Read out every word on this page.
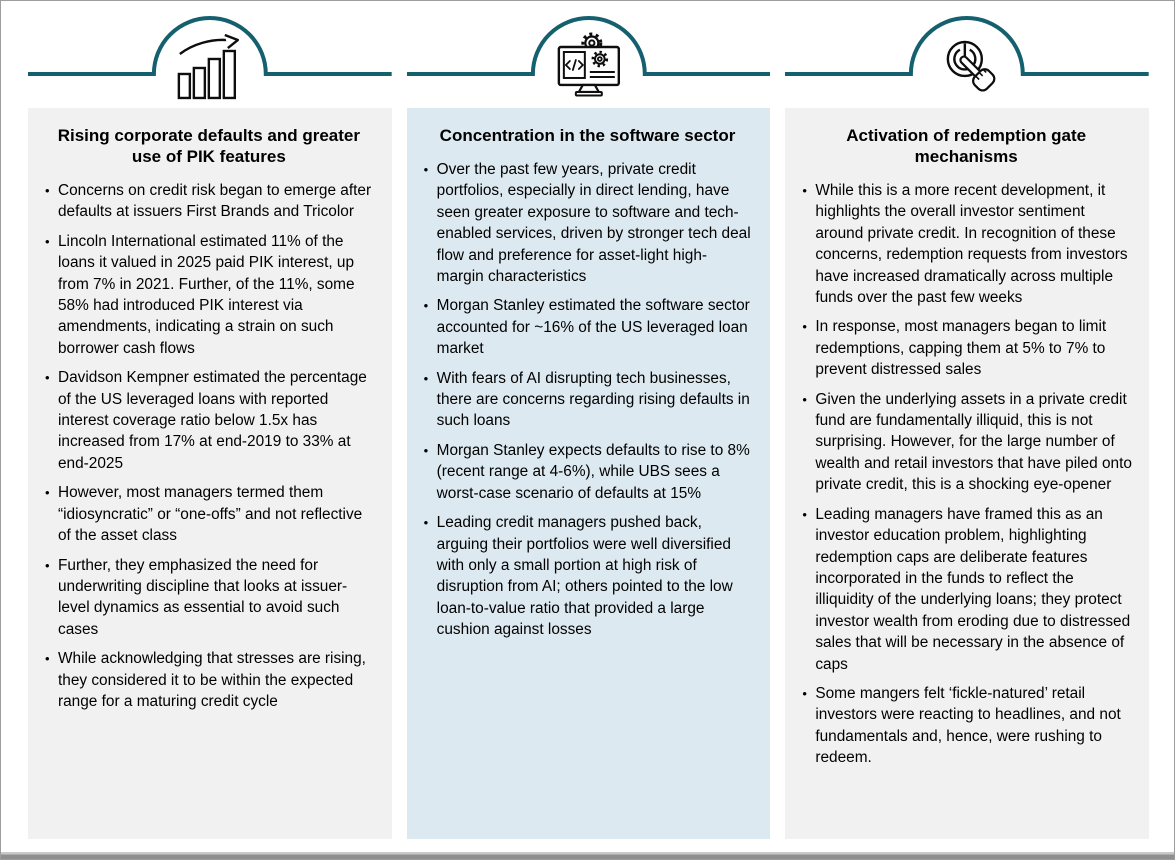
Rising corporate defaults and greater use of PIK features
• Concerns on credit risk began to emerge after defaults at issuers First Brands and Tricolor
• Lincoln International estimated 11% of the loans it valued in 2025 paid PIK interest, up from 7% in 2021. Further, of the 11%, some 58% had introduced PIK interest via amendments, indicating a strain on such borrower cash flows
• Davidson Kempner estimated the percentage of the US leveraged loans with reported interest coverage ratio below 1.5x has increased from 17% at end-2019 to 33% at end-2025
• However, most managers termed them “idiosyncratic” or “one-offs” and not reflective of the asset class
• Further, they emphasized the need for underwriting discipline that looks at issuer-level dynamics as essential to avoid such cases
• While acknowledging that stresses are rising, they considered it to be within the expected range for a maturing credit cycle
Concentration in the software sector
• Over the past few years, private credit portfolios, especially in direct lending, have seen greater exposure to software and tech-enabled services, driven by stronger tech deal flow and preference for asset-light high-margin characteristics
• Morgan Stanley estimated the software sector accounted for ~16% of the US leveraged loan market
• With fears of AI disrupting tech businesses, there are concerns regarding rising defaults in such loans
• Morgan Stanley expects defaults to rise to 8% (recent range at 4-6%), while UBS sees a worst-case scenario of defaults at 15%
• Leading credit managers pushed back, arguing their portfolios were well diversified with only a small portion at high risk of disruption from AI; others pointed to the low loan-to-value ratio that provided a large cushion against losses
Activation of redemption gate mechanisms
• While this is a more recent development, it highlights the overall investor sentiment around private credit. In recognition of these concerns, redemption requests from investors have increased dramatically across multiple funds over the past few weeks
• In response, most managers began to limit redemptions, capping them at 5% to 7% to prevent distressed sales
• Given the underlying assets in a private credit fund are fundamentally illiquid, this is not surprising. However, for the large number of wealth and retail investors that have piled onto private credit, this is a shocking eye-opener
• Leading managers have framed this as an investor education problem, highlighting redemption caps are deliberate features incorporated in the funds to reflect the illiquidity of the underlying loans; they protect investor wealth from eroding due to distressed sales that will be necessary in the absence of caps
• Some mangers felt ‘fickle-natured’ retail investors were reacting to headlines, and not fundamentals and, hence, were rushing to redeem.
